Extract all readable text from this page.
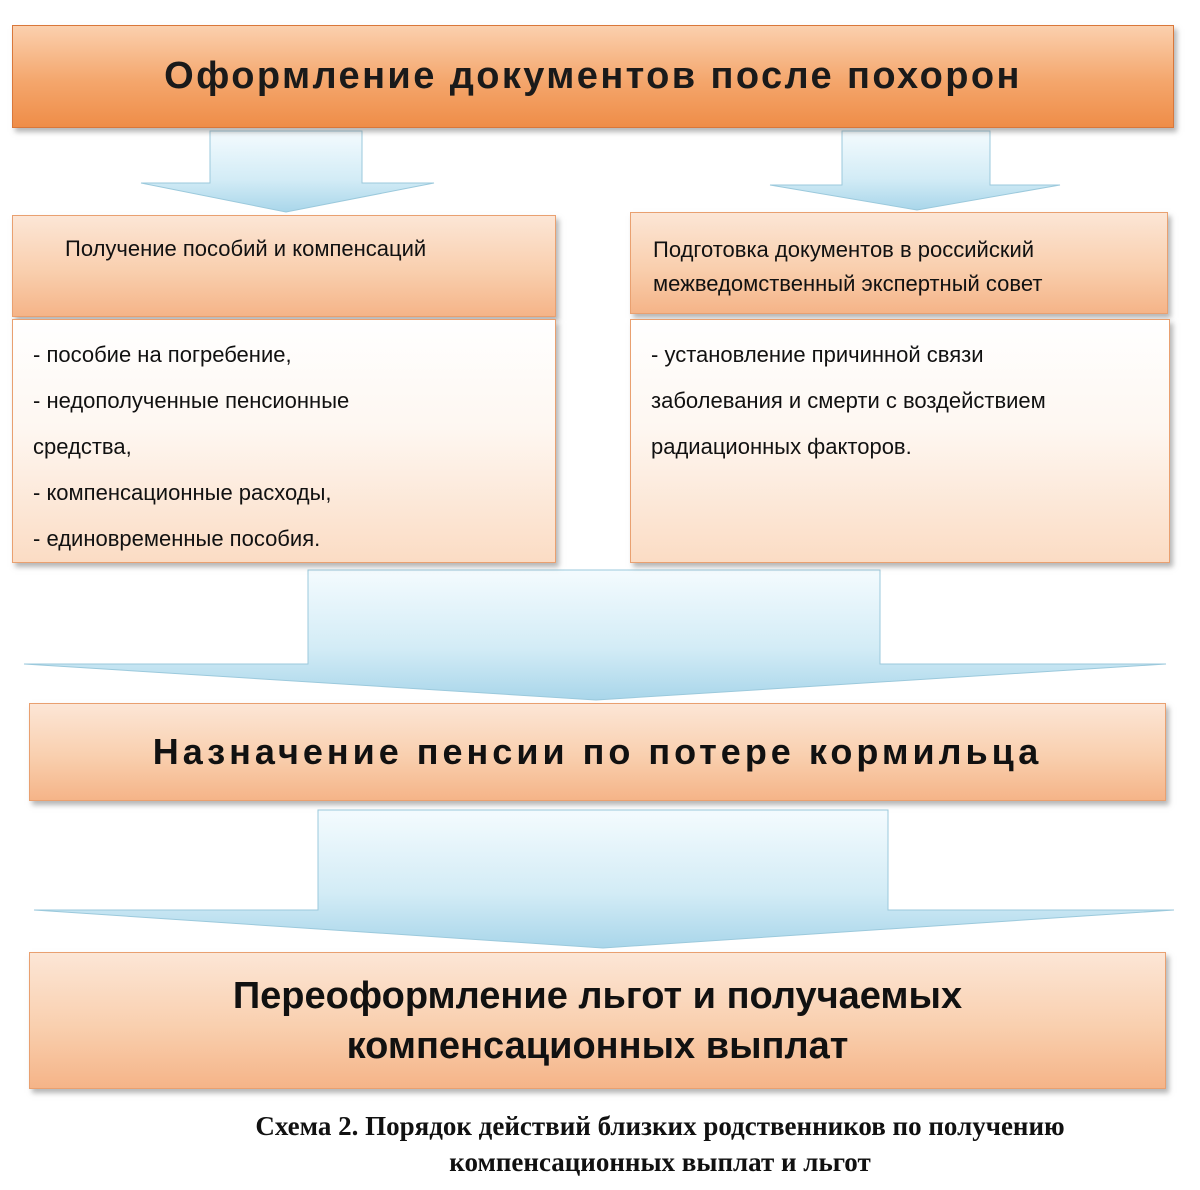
Оформление документов после похорон
Получение пособий и компенсаций	Подготовка документов в российский
межведомственный экспертный совет
- пособие на погребение,
- недополученные пенсионные
средства,
- компенсационные расходы,
- единовременные пособия.
- установление причинной связи
заболевания и смерти с воздействием
радиационных факторов.
Назначение пенсии по потере кормильца
Переоформление льгот и получаемых
компенсационных выплат
Схема 2. Порядок действий близких родственников по получению
компенсационных выплат и льгот
